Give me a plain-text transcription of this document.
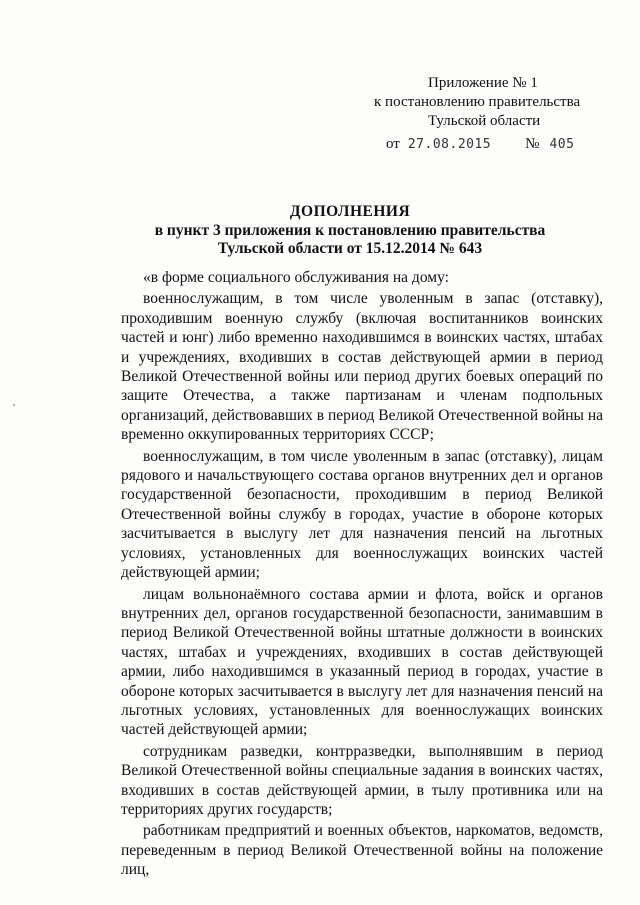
Приложение № 1
к постановлению правительства
Тульской области
от 27.08.2015 № 405
ДОПОЛНЕНИЯ
в пункт 3 приложения к постановлению правительства
Тульской области от 15.12.2014 № 643

«в форме социального обслуживания на дому:

военнослужащим, в том числе уволенным в запас (отставку), проходившим военную службу (включая воспитанников воинских частей и юнг) либо временно находившимся в воинских частях, штабах и учреждениях, входивших в состав действующей армии в период Великой Отечественной войны или период других боевых операций по защите Отечества, а также партизанам и членам подпольных организаций, действовавших в период Великой Отечественной войны на временно оккупированных территориях СССР;

военнослужащим, в том числе уволенным в запас (отставку), лицам рядового и начальствующего состава органов внутренних дел и органов государственной безопасности, проходившим в период Великой Отечественной войны службу в городах, участие в обороне которых засчитывается в выслугу лет для назначения пенсий на льготных условиях, установленных для военнослужащих воинских частей действующей армии;

лицам вольнонаёмного состава армии и флота, войск и органов внутренних дел, органов государственной безопасности, занимавшим в период Великой Отечественной войны штатные должности в воинских частях, штабах и учреждениях, входивших в состав действующей армии, либо находившимся в указанный период в городах, участие в обороне которых засчитывается в выслугу лет для назначения пенсий на льготных условиях, установленных для военнослужащих воинских частей действующей армии;

сотрудникам разведки, контрразведки, выполнявшим в период Великой Отечественной войны специальные задания в воинских частях, входивших в состав действующей армии, в тылу противника или на территориях других государств;

работникам предприятий и военных объектов, наркоматов, ведомств, переведенным в период Великой Отечественной войны на положение лиц,
